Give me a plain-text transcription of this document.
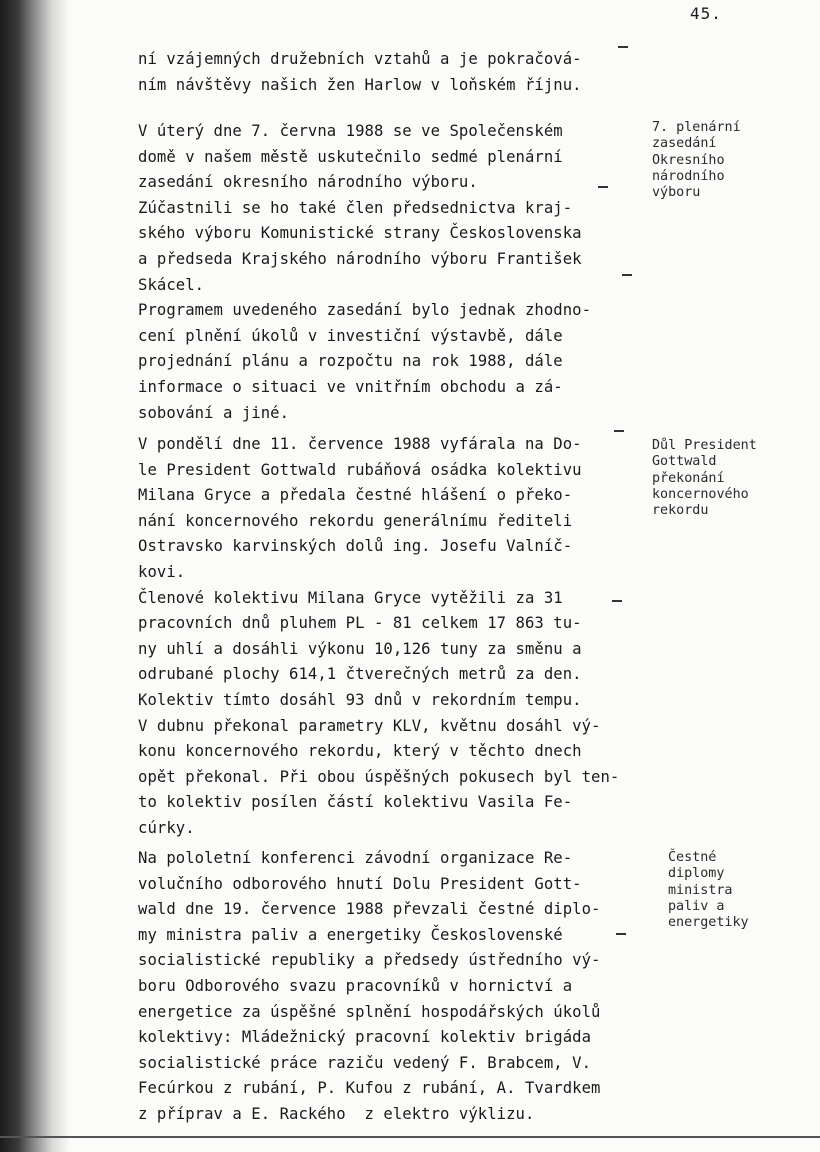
45.
ní vzájemných družebních vztahů a je pokračová-
ním návštěvy našich žen Harlow v loňském říjnu.
V úterý dne 7. června 1988 se ve Společenském
domě v našem městě uskutečnilo sedmé plenární
zasedání okresního národního výboru.
Zúčastnili se ho také člen předsednictva kraj-
ského výboru Komunistické strany Československa
a předseda Krajského národního výboru František
Skácel.
Programem uvedeného zasedání bylo jednak zhodno-
cení plnění úkolů v investiční výstavbě, dále
projednání plánu a rozpočtu na rok 1988, dále
informace o situaci ve vnitřním obchodu a zá-
sobování a jiné.
V pondělí dne 11. července 1988 vyfárala na Do-
le President Gottwald rubáňová osádka kolektivu
Milana Gryce a předala čestné hlášení o překo-
nání koncernového rekordu generálnímu řediteli
Ostravsko karvinských dolů ing. Josefu Valníč-
kovi.
Členové kolektivu Milana Gryce vytěžili za 31
pracovních dnů pluhem PL - 81 celkem 17 863 tu-
ny uhlí a dosáhli výkonu 10,126 tuny za směnu a
odrubané plochy 614,1 čtverečných metrů za den.
Kolektiv tímto dosáhl 93 dnů v rekordním tempu.
V dubnu překonal parametry KLV, květnu dosáhl vý-
konu koncernového rekordu, který v těchto dnech
opět překonal. Při obou úspěšných pokusech byl ten-
to kolektiv posílen částí kolektivu Vasila Fe-
cúrky.
Na pololetní konferenci závodní organizace Re-
volučního odborového hnutí Dolu President Gott-
wald dne 19. července 1988 převzali čestné diplo-
my ministra paliv a energetiky Československé
socialistické republiky a předsedy ústředního vý-
boru Odborového svazu pracovníků v hornictví a
energetice za úspěšné splnění hospodářských úkolů
kolektivy: Mládežnický pracovní kolektiv brigáda
socialistické práce raziču vedený F. Brabcem, V.
Fecúrkou z rubání, P. Kufou z rubání, A. Tvardkem
z příprav a E. Rackého  z elektro výklizu.
7. plenární
zasedání
Okresního
národního
výboru
Důl President
Gottwald
překonání
koncernového
rekordu
Čestné
diplomy
ministra
paliv a
energetiky
